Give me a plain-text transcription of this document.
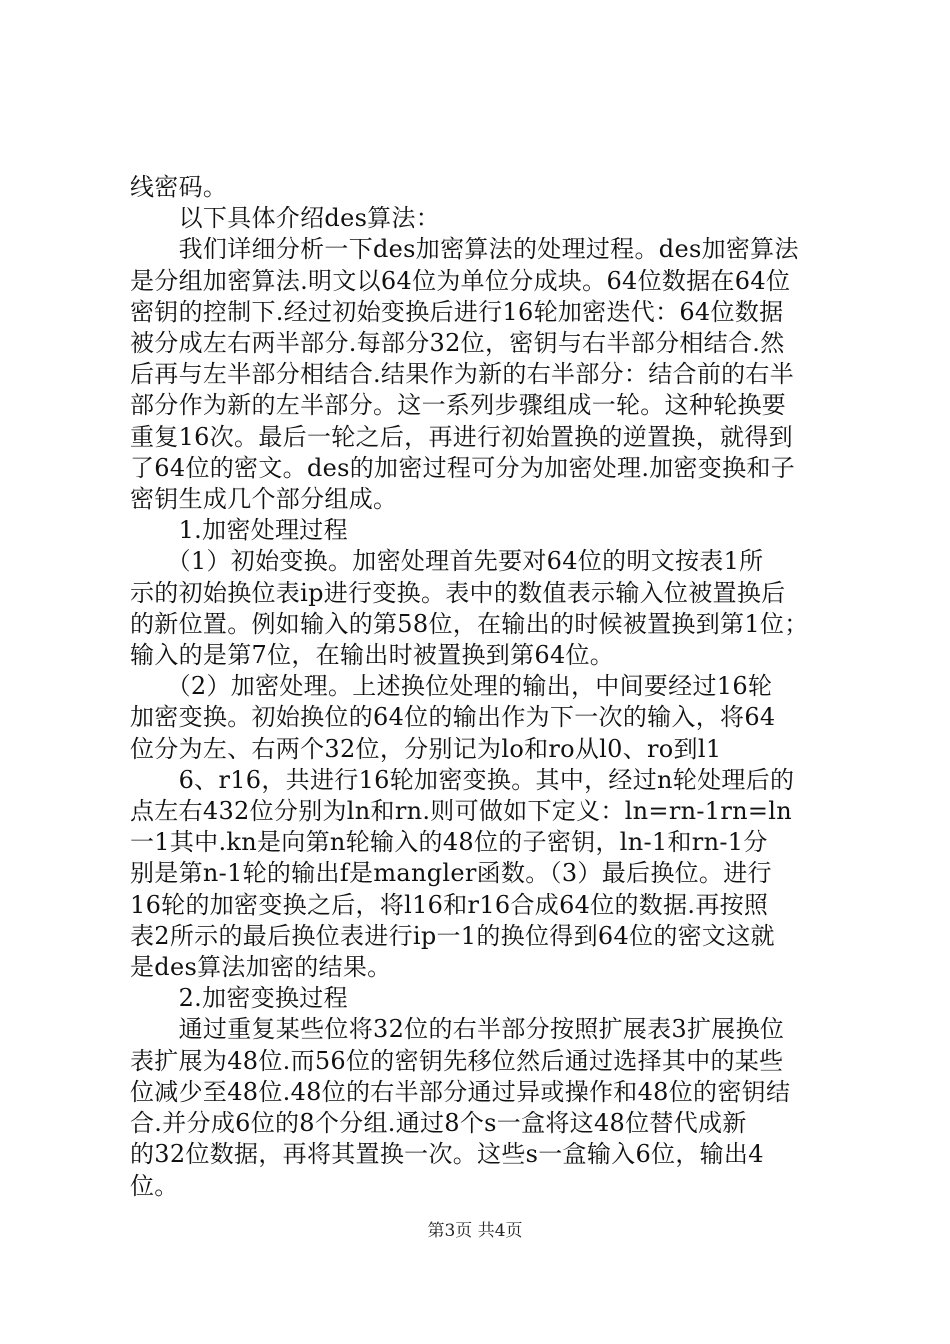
线密码。
　　以下具体介绍des算法：
　　我们详细分析一下des加密算法的处理过程。des加密算法
是分组加密算法.明文以64位为单位分成块。64位数据在64位
密钥的控制下.经过初始变换后进行16轮加密迭代：64位数据
被分成左右两半部分.每部分32位，密钥与右半部分相结合.然
后再与左半部分相结合.结果作为新的右半部分：结合前的右半
部分作为新的左半部分。这一系列步骤组成一轮。这种轮换要
重复16次。最后一轮之后，再进行初始置换的逆置换，就得到
了64位的密文。des的加密过程可分为加密处理.加密变换和子
密钥生成几个部分组成。
　　1.加密处理过程
　　（1）初始变换。加密处理首先要对64位的明文按表1所
示的初始换位表ip进行变换。表中的数值表示输入位被置换后
的新位置。例如输入的第58位，在输出的时候被置换到第1位；
输入的是第7位，在输出时被置换到第64位。
　　（2）加密处理。上述换位处理的输出，中间要经过16轮
加密变换。初始换位的64位的输出作为下一次的输入，将64
位分为左、右两个32位，分别记为lo和ro从l0、ro到l1
　　6、r16，共进行16轮加密变换。其中，经过n轮处理后的
点左右432位分别为ln和rn.则可做如下定义：ln=rn-1rn=ln
一1其中.kn是向第n轮输入的48位的子密钥，ln-1和rn-1分
别是第n-1轮的输出f是mangler函数。（3）最后换位。进行
16轮的加密变换之后，将l16和r16合成64位的数据.再按照
表2所示的最后换位表进行ip一1的换位得到64位的密文这就
是des算法加密的结果。
　　2.加密变换过程
　　通过重复某些位将32位的右半部分按照扩展表3扩展换位
表扩展为48位.而56位的密钥先移位然后通过选择其中的某些
位减少至48位.48位的右半部分通过异或操作和48位的密钥结
合.并分成6位的8个分组.通过8个s一盒将这48位替代成新
的32位数据，再将其置换一次。这些s一盒输入6位，输出4
位。
第3页 共4页
